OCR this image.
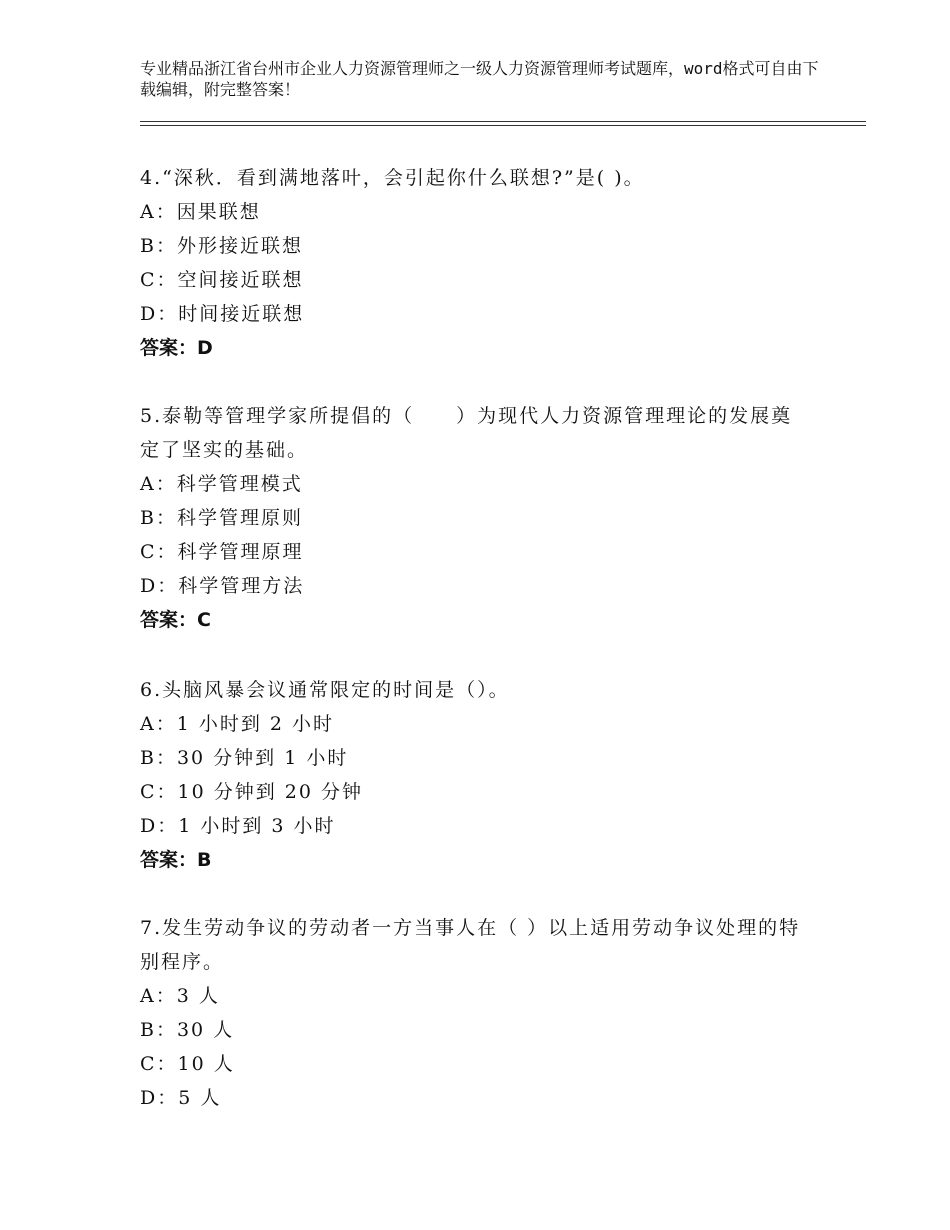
专业精品浙江省台州市企业人力资源管理师之一级人力资源管理师考试题库，word格式可自由下载编辑，附完整答案！

4.“深秋．看到满地落叶，会引起你什么联想?”是( )。

A：因果联想

B：外形接近联想

C：空间接近联想

D：时间接近联想

答案：D

5.泰勒等管理学家所提倡的（　　）为现代人力资源管理理论的发展奠定了坚实的基础。

A：科学管理模式

B：科学管理原则

C：科学管理原理

D：科学管理方法

答案：C

6.头脑风暴会议通常限定的时间是（）。

A：1 小时到 2 小时

B：30 分钟到 1 小时

C：10 分钟到 20 分钟

D：1 小时到 3 小时

答案：B

7.发生劳动争议的劳动者一方当事人在（ ）以上适用劳动争议处理的特别程序。

A：3 人

B：30 人

C：10 人

D：5 人
